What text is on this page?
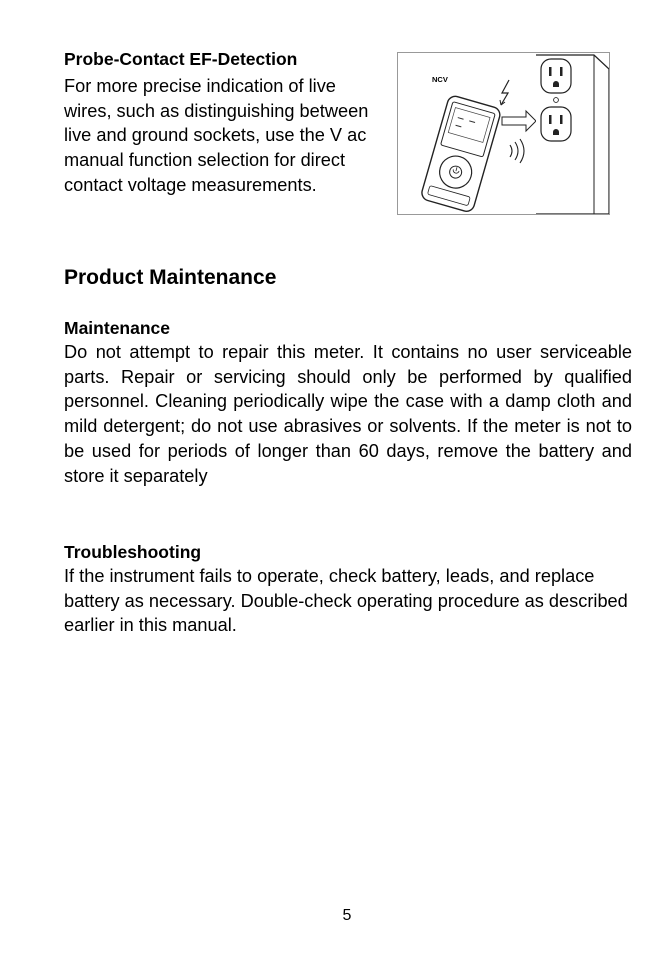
Probe-Contact EF-Detection

For more precise indication of live wires, such as distinguishing between live and ground sockets, use the V ac manual function selection for direct contact voltage measurements.

NCV
Product Maintenance
Maintenance

Do not attempt to repair this meter. It contains no user serviceable parts. Repair or servicing should only be performed by qualified personnel. Cleaning periodically wipe the case with a damp cloth and mild detergent; do not use abrasives or solvents. If the meter is not to be used for periods of longer than 60 days, remove the battery and store it separately

Troubleshooting

If the instrument fails to operate, check battery, leads, and replace battery as necessary. Double-check operating procedure as described earlier in this manual.

5
